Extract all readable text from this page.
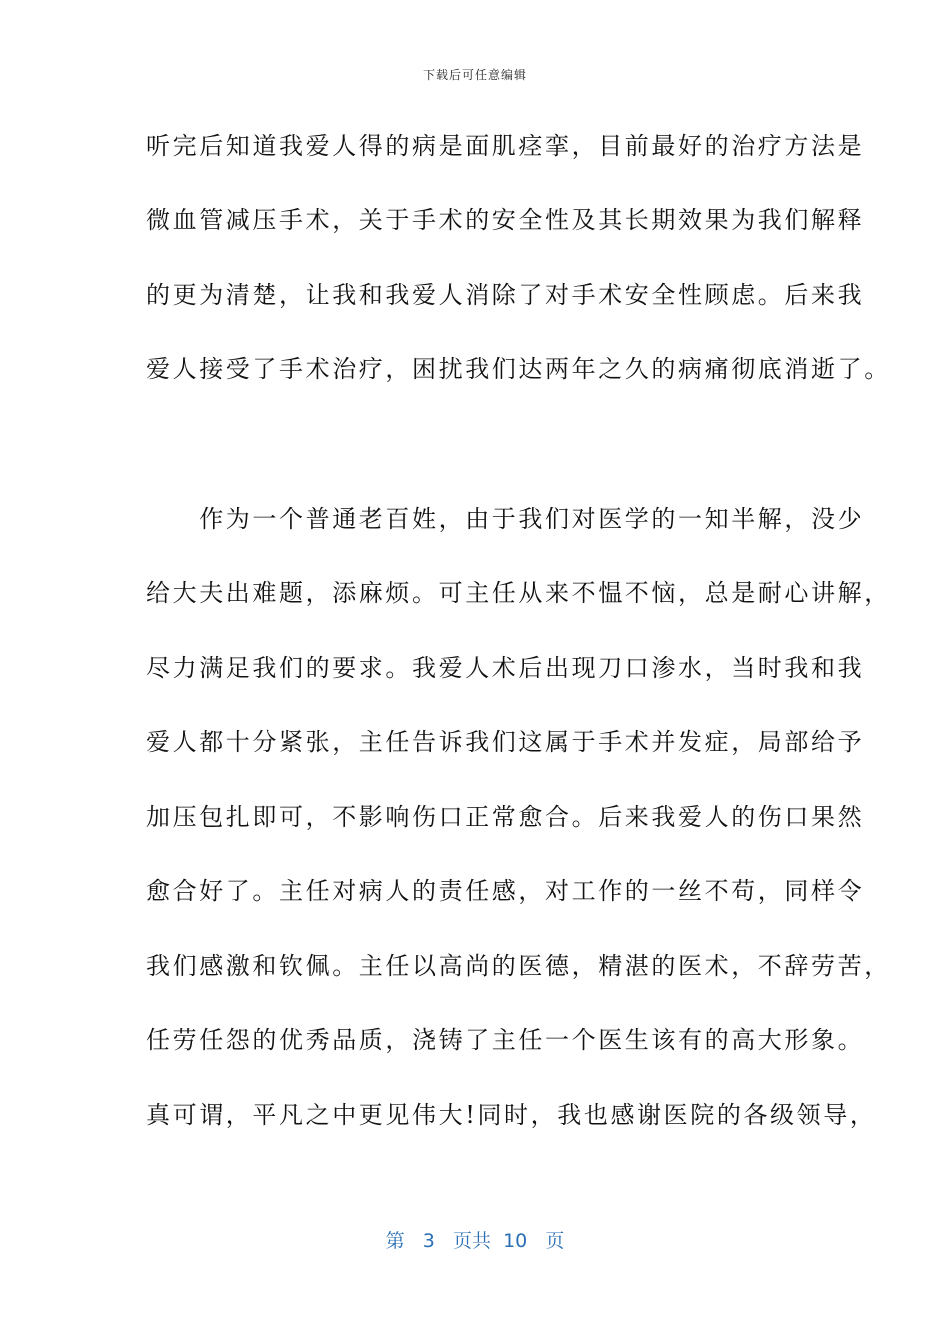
下载后可任意编辑
听完后知道我爱人得的病是面肌痉挛，目前最好的治疗方法是
微血管减压手术，关于手术的安全性及其长期效果为我们解释
的更为清楚，让我和我爱人消除了对手术安全性顾虑。后来我
爱人接受了手术治疗，困扰我们达两年之久的病痛彻底消逝了。
　　作为一个普通老百姓，由于我们对医学的一知半解，没少
给大夫出难题，添麻烦。可主任从来不愠不恼，总是耐心讲解，
尽力满足我们的要求。我爱人术后出现刀口渗水，当时我和我
爱人都十分紧张，主任告诉我们这属于手术并发症，局部给予
加压包扎即可，不影响伤口正常愈合。后来我爱人的伤口果然
愈合好了。主任对病人的责任感，对工作的一丝不苟，同样令
我们感激和钦佩。主任以高尚的医德，精湛的医术，不辞劳苦，
任劳任怨的优秀品质，浇铸了主任一个医生该有的高大形象。
真可谓，平凡之中更见伟大!同时，我也感谢医院的各级领导，
第 3 页共 10 页
